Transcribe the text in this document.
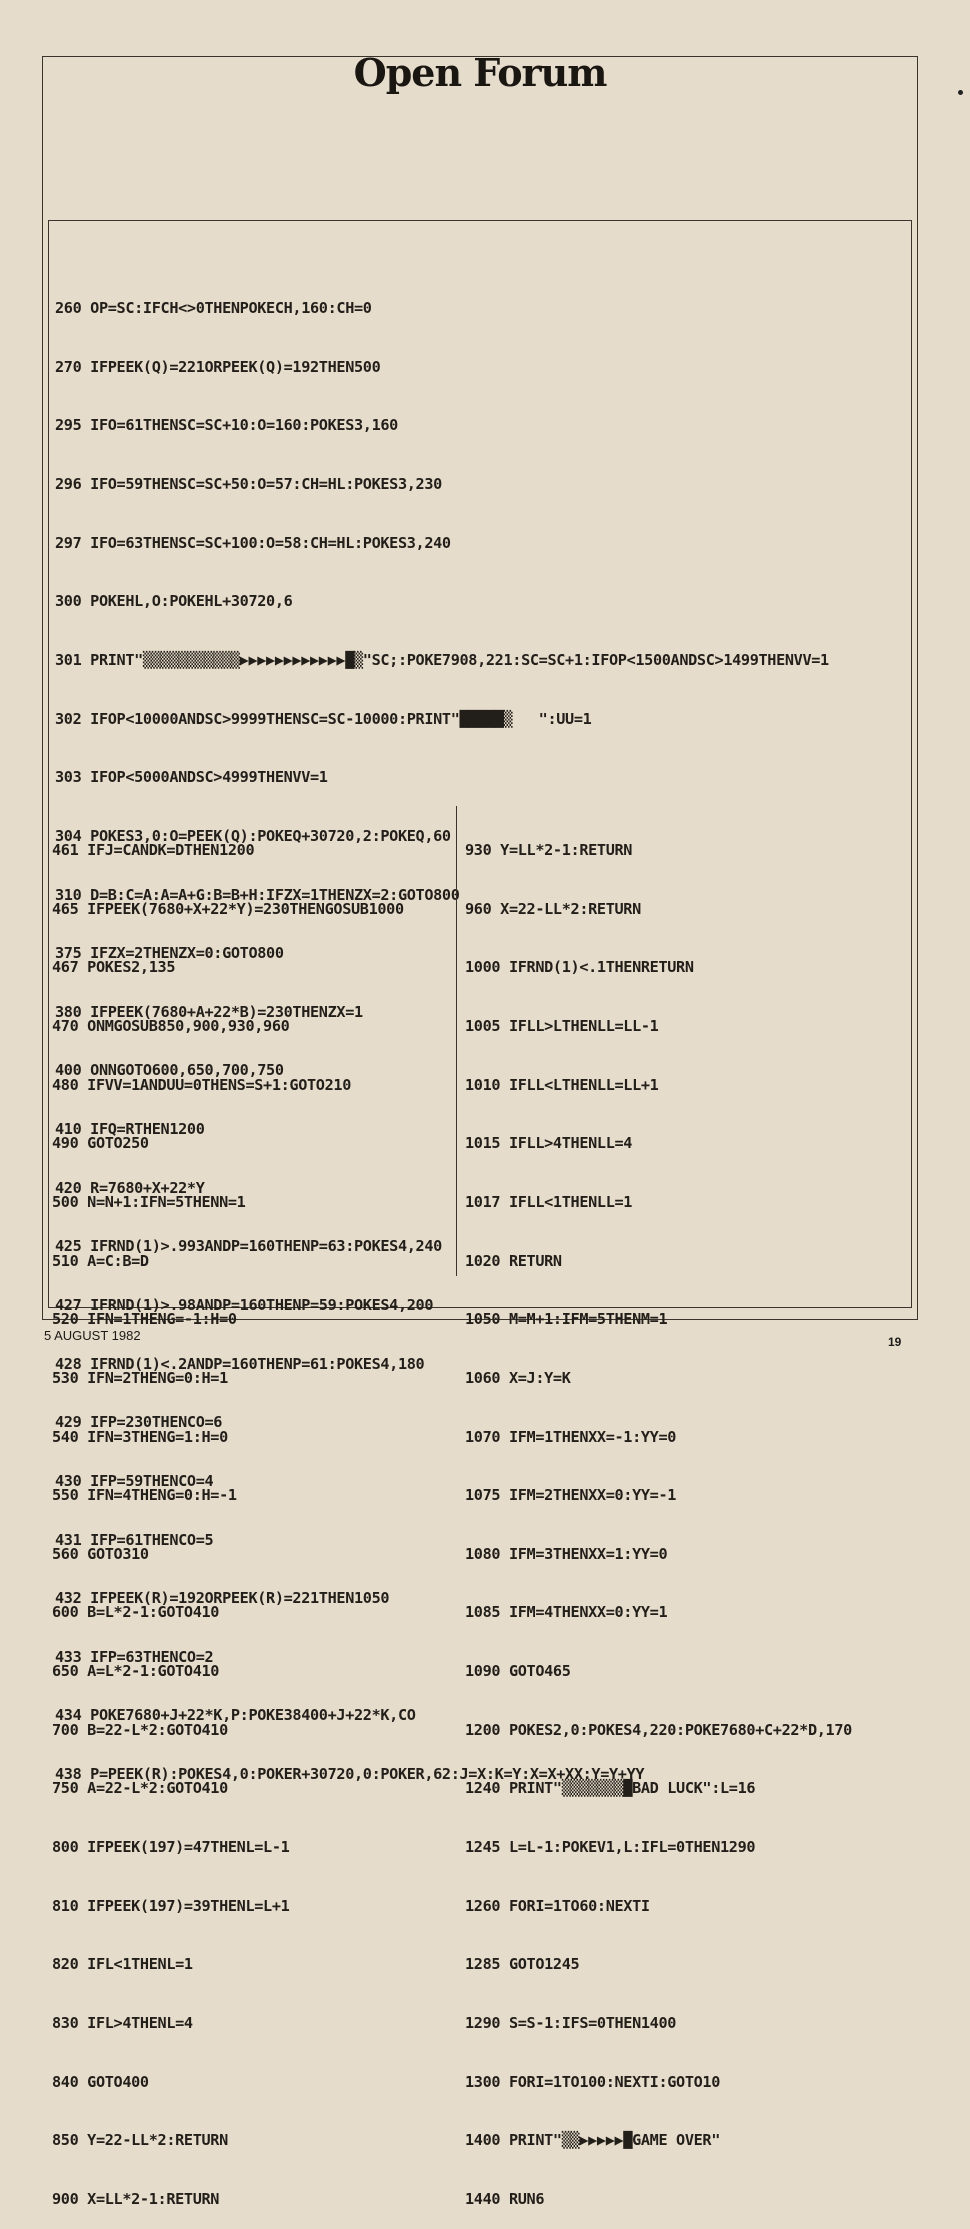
Open Forum

260 OP=SC:IFCH<>0THENPOKECH,160:CH=0

270 IFPEEK(Q)=221ORPEEK(Q)=192THEN500

295 IFO=61THENSC=SC+10:O=160:POKES3,160

296 IFO=59THENSC=SC+50:O=57:CH=HL:POKES3,230

297 IFO=63THENSC=SC+100:O=58:CH=HL:POKES3,240

300 POKEHL,O:POKEHL+30720,6

301 PRINT"▒▒▒▒▒▒▒▒▒▒▒▶▶▶▶▶▶▶▶▶▶▶▶█▒"SC;:POKE7908,221:SC=SC+1:IFOP<1500ANDSC>1499THENVV=1

302 IFOP<10000ANDSC>9999THENSC=SC-10000:PRINT"█████▒   ":UU=1

303 IFOP<5000ANDSC>4999THENVV=1

304 POKES3,0:O=PEEK(Q):POKEQ+30720,2:POKEQ,60

310 D=B:C=A:A=A+G:B=B+H:IFZX=1THENZX=2:GOTO800

375 IFZX=2THENZX=0:GOTO800

380 IFPEEK(7680+A+22*B)=230THENZX=1

400 ONNGOTO600,650,700,750

410 IFQ=RTHEN1200

420 R=7680+X+22*Y

425 IFRND(1)>.993ANDP=160THENP=63:POKES4,240

427 IFRND(1)>.98ANDP=160THENP=59:POKES4,200

428 IFRND(1)<.2ANDP=160THENP=61:POKES4,180

429 IFP=230THENCO=6

430 IFP=59THENCO=4

431 IFP=61THENCO=5

432 IFPEEK(R)=192ORPEEK(R)=221THEN1050

433 IFP=63THENCO=2

434 POKE7680+J+22*K,P:POKE38400+J+22*K,CO

438 P=PEEK(R):POKES4,0:POKER+30720,0:POKER,62:J=X:K=Y:X=X+XX:Y=Y+YY

461 IFJ=CANDK=DTHEN1200

465 IFPEEK(7680+X+22*Y)=230THENGOSUB1000

467 POKES2,135

470 ONMGOSUB850,900,930,960

480 IFVV=1ANDUU=0THENS=S+1:GOTO210

490 GOTO250

500 N=N+1:IFN=5THENN=1

510 A=C:B=D

520 IFN=1THENG=-1:H=0

530 IFN=2THENG=0:H=1

540 IFN=3THENG=1:H=0

550 IFN=4THENG=0:H=-1

560 GOTO310

600 B=L*2-1:GOTO410

650 A=L*2-1:GOTO410

700 B=22-L*2:GOTO410

750 A=22-L*2:GOTO410

800 IFPEEK(197)=47THENL=L-1

810 IFPEEK(197)=39THENL=L+1

820 IFL<1THENL=1

830 IFL>4THENL=4

840 GOTO400

850 Y=22-LL*2:RETURN

900 X=LL*2-1:RETURN

930 Y=LL*2-1:RETURN

960 X=22-LL*2:RETURN

1000 IFRND(1)<.1THENRETURN

1005 IFLL>LTHENLL=LL-1

1010 IFLL<LTHENLL=LL+1

1015 IFLL>4THENLL=4

1017 IFLL<1THENLL=1

1020 RETURN

1050 M=M+1:IFM=5THENM=1

1060 X=J:Y=K

1070 IFM=1THENXX=-1:YY=0

1075 IFM=2THENXX=0:YY=-1

1080 IFM=3THENXX=1:YY=0

1085 IFM=4THENXX=0:YY=1

1090 GOTO465

1200 POKES2,0:POKES4,220:POKE7680+C+22*D,170

1240 PRINT"▒▒▒▒▒▒▒█BAD LUCK":L=16

1245 L=L-1:POKEV1,L:IFL=0THEN1290

1260 FORI=1TO60:NEXTI

1285 GOTO1245

1290 S=S-1:IFS=0THEN1400

1300 FORI=1TO100:NEXTI:GOTO10

1400 PRINT"▒▒▶▶▶▶▶█GAME OVER"

1440 RUN6

5 AUGUST 1982	19
